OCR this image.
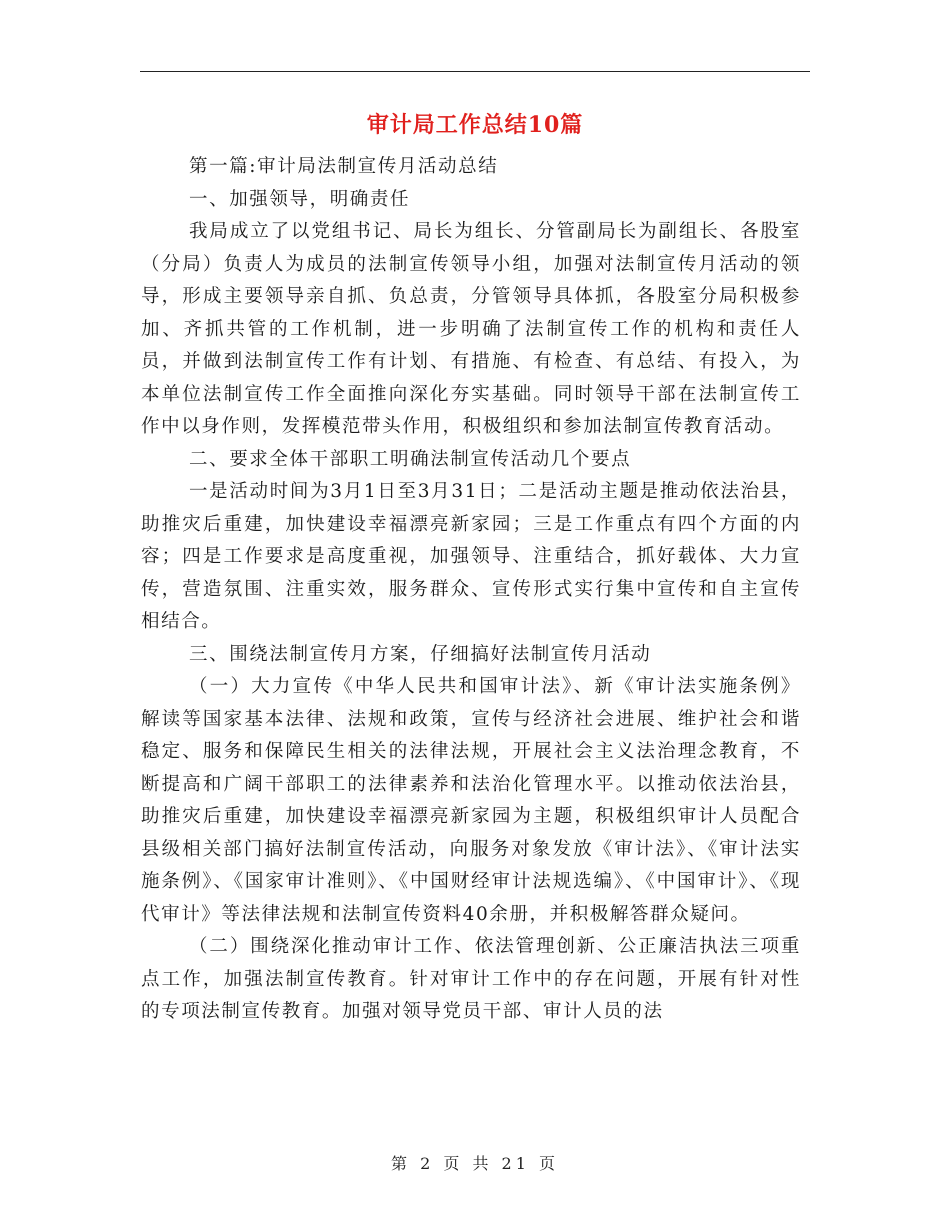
审计局工作总结10篇

第一篇:审计局法制宣传月活动总结

一、加强领导，明确责任

我局成立了以党组书记、局长为组长、分管副局长为副组长、各股室（分局）负责人为成员的法制宣传领导小组，加强对法制宣传月活动的领导，形成主要领导亲自抓、负总责，分管领导具体抓，各股室分局积极参加、齐抓共管的工作机制，进一步明确了法制宣传工作的机构和责任人员，并做到法制宣传工作有计划、有措施、有检查、有总结、有投入，为本单位法制宣传工作全面推向深化夯实基础。同时领导干部在法制宣传工作中以身作则，发挥模范带头作用，积极组织和参加法制宣传教育活动。

二、要求全体干部职工明确法制宣传活动几个要点

一是活动时间为3月1日至3月31日；二是活动主题是推动依法治县，助推灾后重建，加快建设幸福漂亮新家园；三是工作重点有四个方面的内容；四是工作要求是高度重视，加强领导、注重结合，抓好载体、大力宣传，营造氛围、注重实效，服务群众、宣传形式实行集中宣传和自主宣传相结合。

三、围绕法制宣传月方案，仔细搞好法制宣传月活动

（一）大力宣传《中华人民共和国审计法》、新《审计法实施条例》解读等国家基本法律、法规和政策，宣传与经济社会进展、维护社会和谐稳定、服务和保障民生相关的法律法规，开展社会主义法治理念教育，不断提高和广阔干部职工的法律素养和法治化管理水平。以推动依法治县，助推灾后重建，加快建设幸福漂亮新家园为主题，积极组织审计人员配合县级相关部门搞好法制宣传活动，向服务对象发放《审计法》、《审计法实施条例》、《国家审计准则》、《中国财经审计法规选编》、《中国审计》、《现代审计》等法律法规和法制宣传资料40余册，并积极解答群众疑问。

（二）围绕深化推动审计工作、依法管理创新、公正廉洁执法三项重点工作，加强法制宣传教育。针对审计工作中的存在问题，开展有针对性的专项法制宣传教育。加强对领导党员干部、审计人员的法

第 2 页 共 21 页
